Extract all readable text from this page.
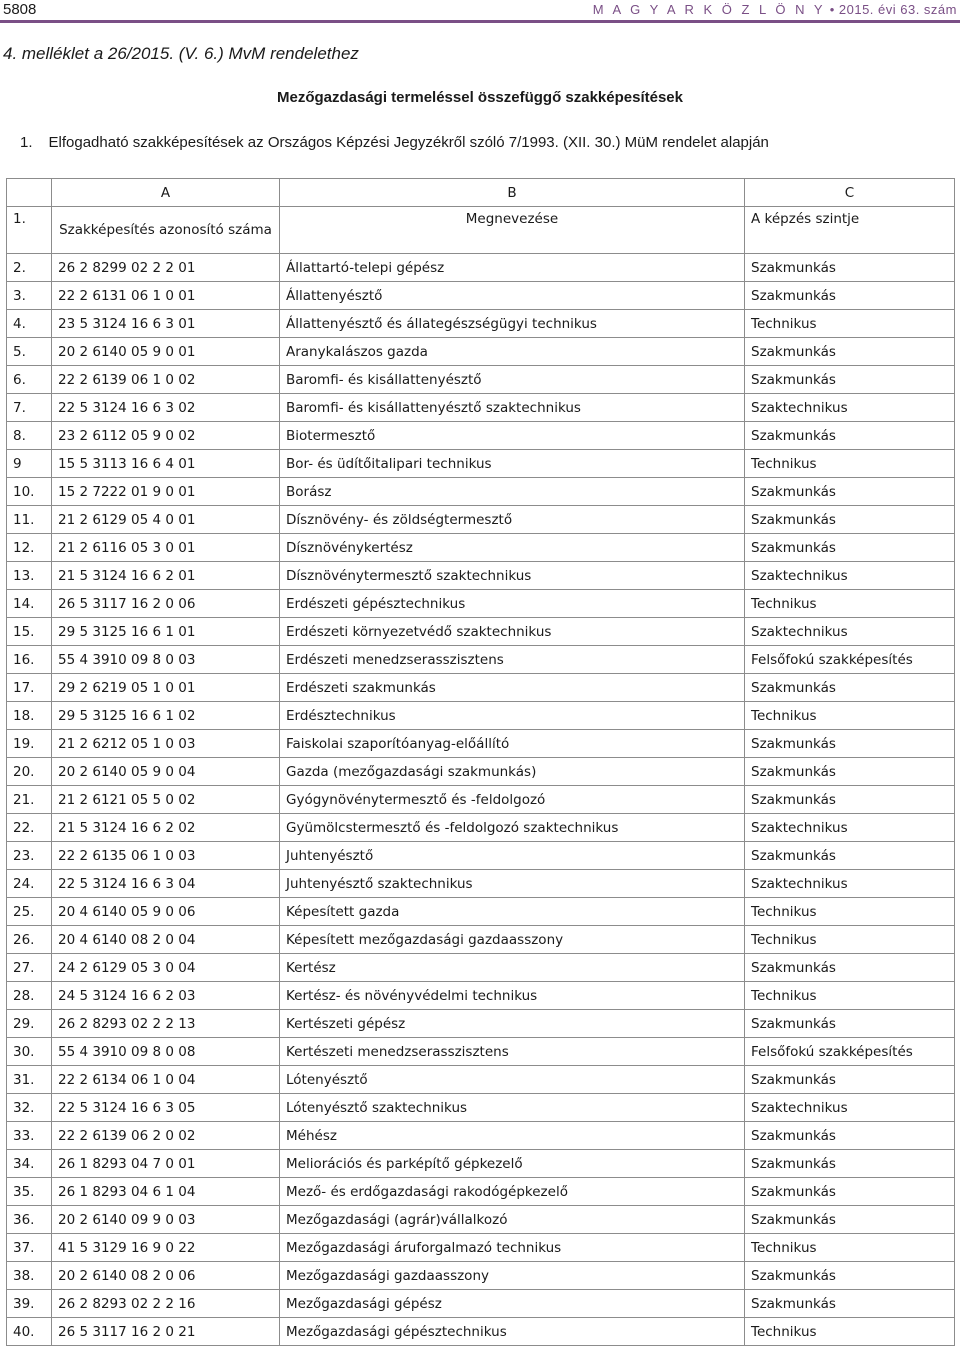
5808	M A G Y A R K Ö Z L Ö N Y • 2015. évi 63. szám
4. melléklet a 26/2015. (V. 6.) MvM rendelethez
Mezőgazdasági termeléssel összefüggő szakképesítések
1. Elfogadható szakképesítések az Országos Képzési Jegyzékről szóló 7/1993. (XII. 30.) MüM rendelet alapján
	A	B	C
1.	Szakképesítés azonosító száma	Megnevezése	A képzés szintje
2.	26 2 8299 02 2 2 01	Állattartó-telepi gépész	Szakmunkás
3.	22 2 6131 06 1 0 01	Állattenyésztő	Szakmunkás
4.	23 5 3124 16 6 3 01	Állattenyésztő és állategészségügyi technikus	Technikus
5.	20 2 6140 05 9 0 01	Aranykalászos gazda	Szakmunkás
6.	22 2 6139 06 1 0 02	Baromfi- és kisállattenyésztő	Szakmunkás
7.	22 5 3124 16 6 3 02	Baromfi- és kisállattenyésztő szaktechnikus	Szaktechnikus
8.	23 2 6112 05 9 0 02	Biotermesztő	Szakmunkás
9	15 5 3113 16 6 4 01	Bor- és üdítőitalipari technikus	Technikus
10.	15 2 7222 01 9 0 01	Borász	Szakmunkás
11.	21 2 6129 05 4 0 01	Dísznövény- és zöldségtermesztő	Szakmunkás
12.	21 2 6116 05 3 0 01	Dísznövénykertész	Szakmunkás
13.	21 5 3124 16 6 2 01	Dísznövénytermesztő szaktechnikus	Szaktechnikus
14.	26 5 3117 16 2 0 06	Erdészeti gépésztechnikus	Technikus
15.	29 5 3125 16 6 1 01	Erdészeti környezetvédő szaktechnikus	Szaktechnikus
16.	55 4 3910 09 8 0 03	Erdészeti menedzserasszisztens	Felsőfokú szakképesítés
17.	29 2 6219 05 1 0 01	Erdészeti szakmunkás	Szakmunkás
18.	29 5 3125 16 6 1 02	Erdésztechnikus	Technikus
19.	21 2 6212 05 1 0 03	Faiskolai szaporítóanyag-előállító	Szakmunkás
20.	20 2 6140 05 9 0 04	Gazda (mezőgazdasági szakmunkás)	Szakmunkás
21.	21 2 6121 05 5 0 02	Gyógynövénytermesztő és -feldolgozó	Szakmunkás
22.	21 5 3124 16 6 2 02	Gyümölcstermesztő és -feldolgozó szaktechnikus	Szaktechnikus
23.	22 2 6135 06 1 0 03	Juhtenyésztő	Szakmunkás
24.	22 5 3124 16 6 3 04	Juhtenyésztő szaktechnikus	Szaktechnikus
25.	20 4 6140 05 9 0 06	Képesített gazda	Technikus
26.	20 4 6140 08 2 0 04	Képesített mezőgazdasági gazdaasszony	Technikus
27.	24 2 6129 05 3 0 04	Kertész	Szakmunkás
28.	24 5 3124 16 6 2 03	Kertész- és növényvédelmi technikus	Technikus
29.	26 2 8293 02 2 2 13	Kertészeti gépész	Szakmunkás
30.	55 4 3910 09 8 0 08	Kertészeti menedzserasszisztens	Felsőfokú szakképesítés
31.	22 2 6134 06 1 0 04	Lótenyésztő	Szakmunkás
32.	22 5 3124 16 6 3 05	Lótenyésztő szaktechnikus	Szaktechnikus
33.	22 2 6139 06 2 0 02	Méhész	Szakmunkás
34.	26 1 8293 04 7 0 01	Meliorációs és parképítő gépkezelő	Szakmunkás
35.	26 1 8293 04 6 1 04	Mező- és erdőgazdasági rakodógépkezelő	Szakmunkás
36.	20 2 6140 09 9 0 03	Mezőgazdasági (agrár)vállalkozó	Szakmunkás
37.	41 5 3129 16 9 0 22	Mezőgazdasági áruforgalmazó technikus	Technikus
38.	20 2 6140 08 2 0 06	Mezőgazdasági gazdaasszony	Szakmunkás
39.	26 2 8293 02 2 2 16	Mezőgazdasági gépész	Szakmunkás
40.	26 5 3117 16 2 0 21	Mezőgazdasági gépésztechnikus	Technikus
